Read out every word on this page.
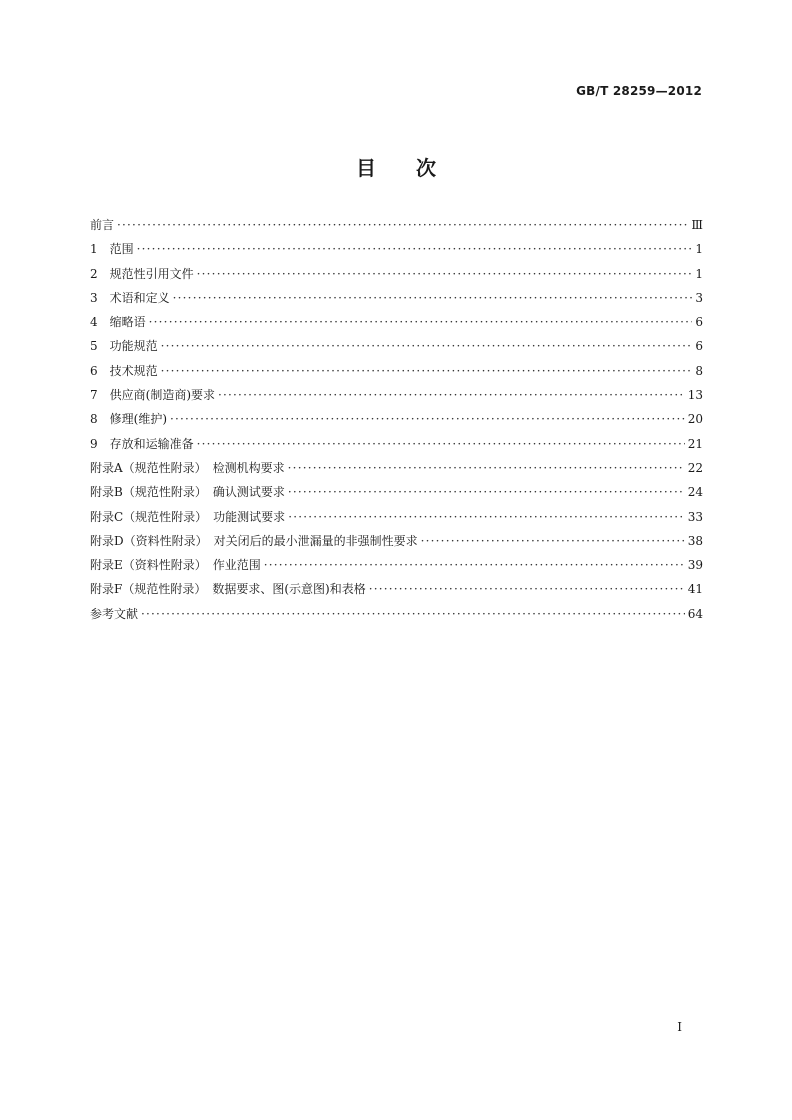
GB/T 28259—2012
目次
前言 ·····	Ⅲ
1　范围 ·····	1
2　规范性引用文件 ·····	1
3　术语和定义 ·····	3
4　缩略语 ·····	6
5　功能规范 ·····	6
6　技术规范 ·····	8
7　供应商(制造商)要求 ·····	13
8　修理(维护) ·····	20
9　存放和运输准备 ·····	21
附录A（规范性附录）　检测机构要求 ·····	22
附录B（规范性附录）　确认测试要求 ·····	24
附录C（规范性附录）　功能测试要求 ·····	33
附录D（资料性附录）　对关闭后的最小泄漏量的非强制性要求 ·····	38
附录E（资料性附录）　作业范围 ·····	39
附录F（规范性附录）　数据要求、图(示意图)和表格 ·····	41
参考文献 ·····	64
Ⅰ
